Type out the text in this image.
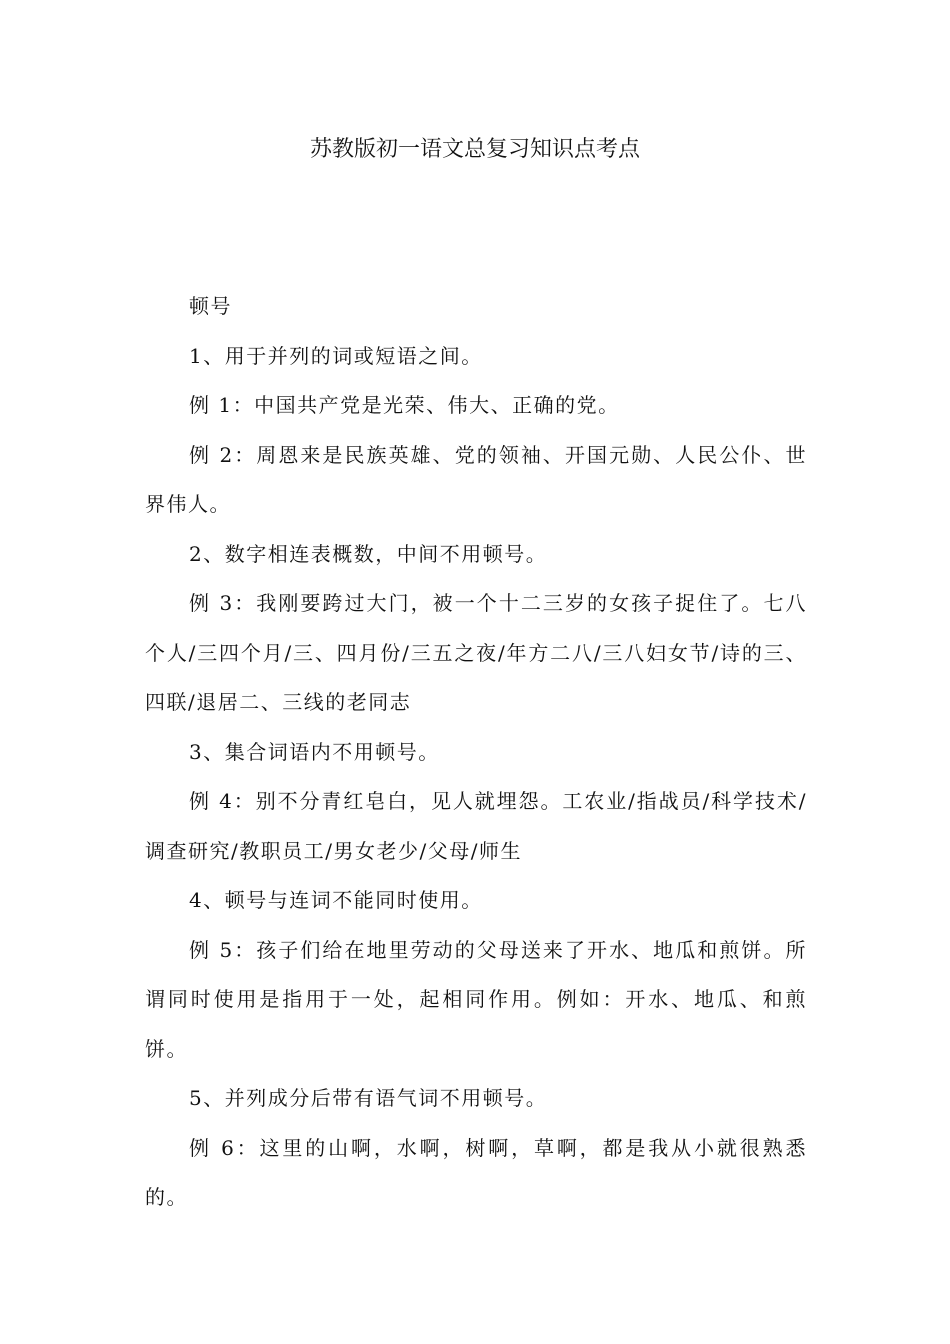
苏教版初一语文总复习知识点考点

顿号

1、用于并列的词或短语之间。

例 1：中国共产党是光荣、伟大、正确的党。

例 2：周恩来是民族英雄、党的领袖、开国元勋、人民公仆、世界伟人。

2、数字相连表概数，中间不用顿号。

例 3：我刚要跨过大门，被一个十二三岁的女孩子捉住了。七八个人/三四个月/三、四月份/三五之夜/年方二八/三八妇女节/诗的三、四联/退居二、三线的老同志

3、集合词语内不用顿号。

例 4：别不分青红皂白，见人就埋怨。工农业/指战员/科学技术/调查研究/教职员工/男女老少/父母/师生

4、顿号与连词不能同时使用。

例 5：孩子们给在地里劳动的父母送来了开水、地瓜和煎饼。所谓同时使用是指用于一处，起相同作用。例如：开水、地瓜、和煎饼。

5、并列成分后带有语气词不用顿号。

例 6：这里的山啊，水啊，树啊，草啊，都是我从小就很熟悉的。
